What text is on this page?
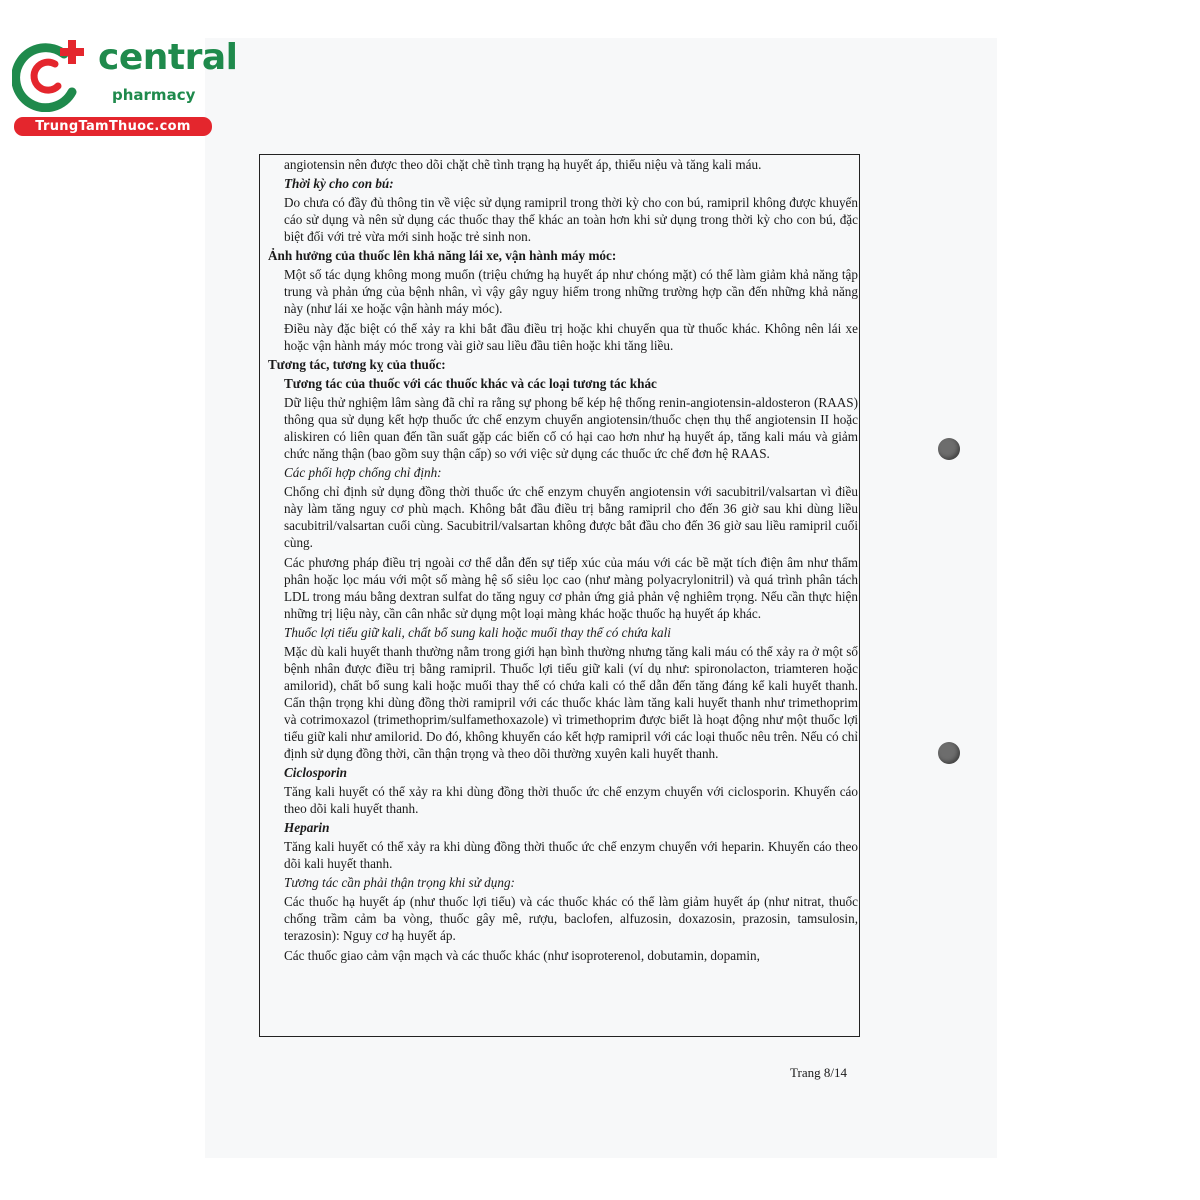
central
pharmacy
TrungTamThuoc.com
angiotensin nên được theo dõi chặt chẽ tình trạng hạ huyết áp, thiểu niệu và tăng kali máu.
Thời kỳ cho con bú:
Do chưa có đầy đủ thông tin về việc sử dụng ramipril trong thời kỳ cho con bú, ramipril không được khuyến cáo sử dụng và nên sử dụng các thuốc thay thế khác an toàn hơn khi sử dụng trong thời kỳ cho con bú, đặc biệt đối với trẻ vừa mới sinh hoặc trẻ sinh non.
Ảnh hưởng của thuốc lên khả năng lái xe, vận hành máy móc:
Một số tác dụng không mong muốn (triệu chứng hạ huyết áp như chóng mặt) có thể làm giảm khả năng tập trung và phản ứng của bệnh nhân, vì vậy gây nguy hiểm trong những trường hợp cần đến những khả năng này (như lái xe hoặc vận hành máy móc).
Điều này đặc biệt có thể xảy ra khi bắt đầu điều trị hoặc khi chuyển qua từ thuốc khác. Không nên lái xe hoặc vận hành máy móc trong vài giờ sau liều đầu tiên hoặc khi tăng liều.
Tương tác, tương kỵ của thuốc:
Tương tác của thuốc với các thuốc khác và các loại tương tác khác
Dữ liệu thử nghiệm lâm sàng đã chỉ ra rằng sự phong bế kép hệ thống renin-angiotensin-aldosteron (RAAS) thông qua sử dụng kết hợp thuốc ức chế enzym chuyển angiotensin/thuốc chẹn thụ thể angiotensin II hoặc aliskiren có liên quan đến tần suất gặp các biến cố có hại cao hơn như hạ huyết áp, tăng kali máu và giảm chức năng thận (bao gồm suy thận cấp) so với việc sử dụng các thuốc ức chế đơn hệ RAAS.
Các phối hợp chống chỉ định:
Chống chỉ định sử dụng đồng thời thuốc ức chế enzym chuyển angiotensin với sacubitril/valsartan vì điều này làm tăng nguy cơ phù mạch. Không bắt đầu điều trị bằng ramipril cho đến 36 giờ sau khi dùng liều sacubitril/valsartan cuối cùng. Sacubitril/valsartan không được bắt đầu cho đến 36 giờ sau liều ramipril cuối cùng.
Các phương pháp điều trị ngoài cơ thể dẫn đến sự tiếp xúc của máu với các bề mặt tích điện âm như thẩm phân hoặc lọc máu với một số màng hệ số siêu lọc cao (như màng polyacrylonitril) và quá trình phân tách LDL trong máu bằng dextran sulfat do tăng nguy cơ phản ứng giả phản vệ nghiêm trọng. Nếu cần thực hiện những trị liệu này, cần cân nhắc sử dụng một loại màng khác hoặc thuốc hạ huyết áp khác.
Thuốc lợi tiểu giữ kali, chất bổ sung kali hoặc muối thay thế có chứa kali
Mặc dù kali huyết thanh thường nằm trong giới hạn bình thường nhưng tăng kali máu có thể xảy ra ở một số bệnh nhân được điều trị bằng ramipril. Thuốc lợi tiểu giữ kali (ví dụ như: spironolacton, triamteren hoặc amilorid), chất bổ sung kali hoặc muối thay thế có chứa kali có thể dẫn đến tăng đáng kể kali huyết thanh. Cẩn thận trọng khi dùng đồng thời ramipril với các thuốc khác làm tăng kali huyết thanh như trimethoprim và cotrimoxazol (trimethoprim/sulfamethoxazole) vì trimethoprim được biết là hoạt động như một thuốc lợi tiểu giữ kali như amilorid. Do đó, không khuyến cáo kết hợp ramipril với các loại thuốc nêu trên. Nếu có chỉ định sử dụng đồng thời, cần thận trọng và theo dõi thường xuyên kali huyết thanh.
Ciclosporin
Tăng kali huyết có thể xảy ra khi dùng đồng thời thuốc ức chế enzym chuyển với ciclosporin. Khuyến cáo theo dõi kali huyết thanh.
Heparin
Tăng kali huyết có thể xảy ra khi dùng đồng thời thuốc ức chế enzym chuyển với heparin. Khuyến cáo theo dõi kali huyết thanh.
Tương tác cần phải thận trọng khi sử dụng:
Các thuốc hạ huyết áp (như thuốc lợi tiểu) và các thuốc khác có thể làm giảm huyết áp (như nitrat, thuốc chống trầm cảm ba vòng, thuốc gây mê, rượu, baclofen, alfuzosin, doxazosin, prazosin, tamsulosin, terazosin): Nguy cơ hạ huyết áp.
Các thuốc giao cảm vận mạch và các thuốc khác (như isoproterenol, dobutamin, dopamin,
Trang 8/14
